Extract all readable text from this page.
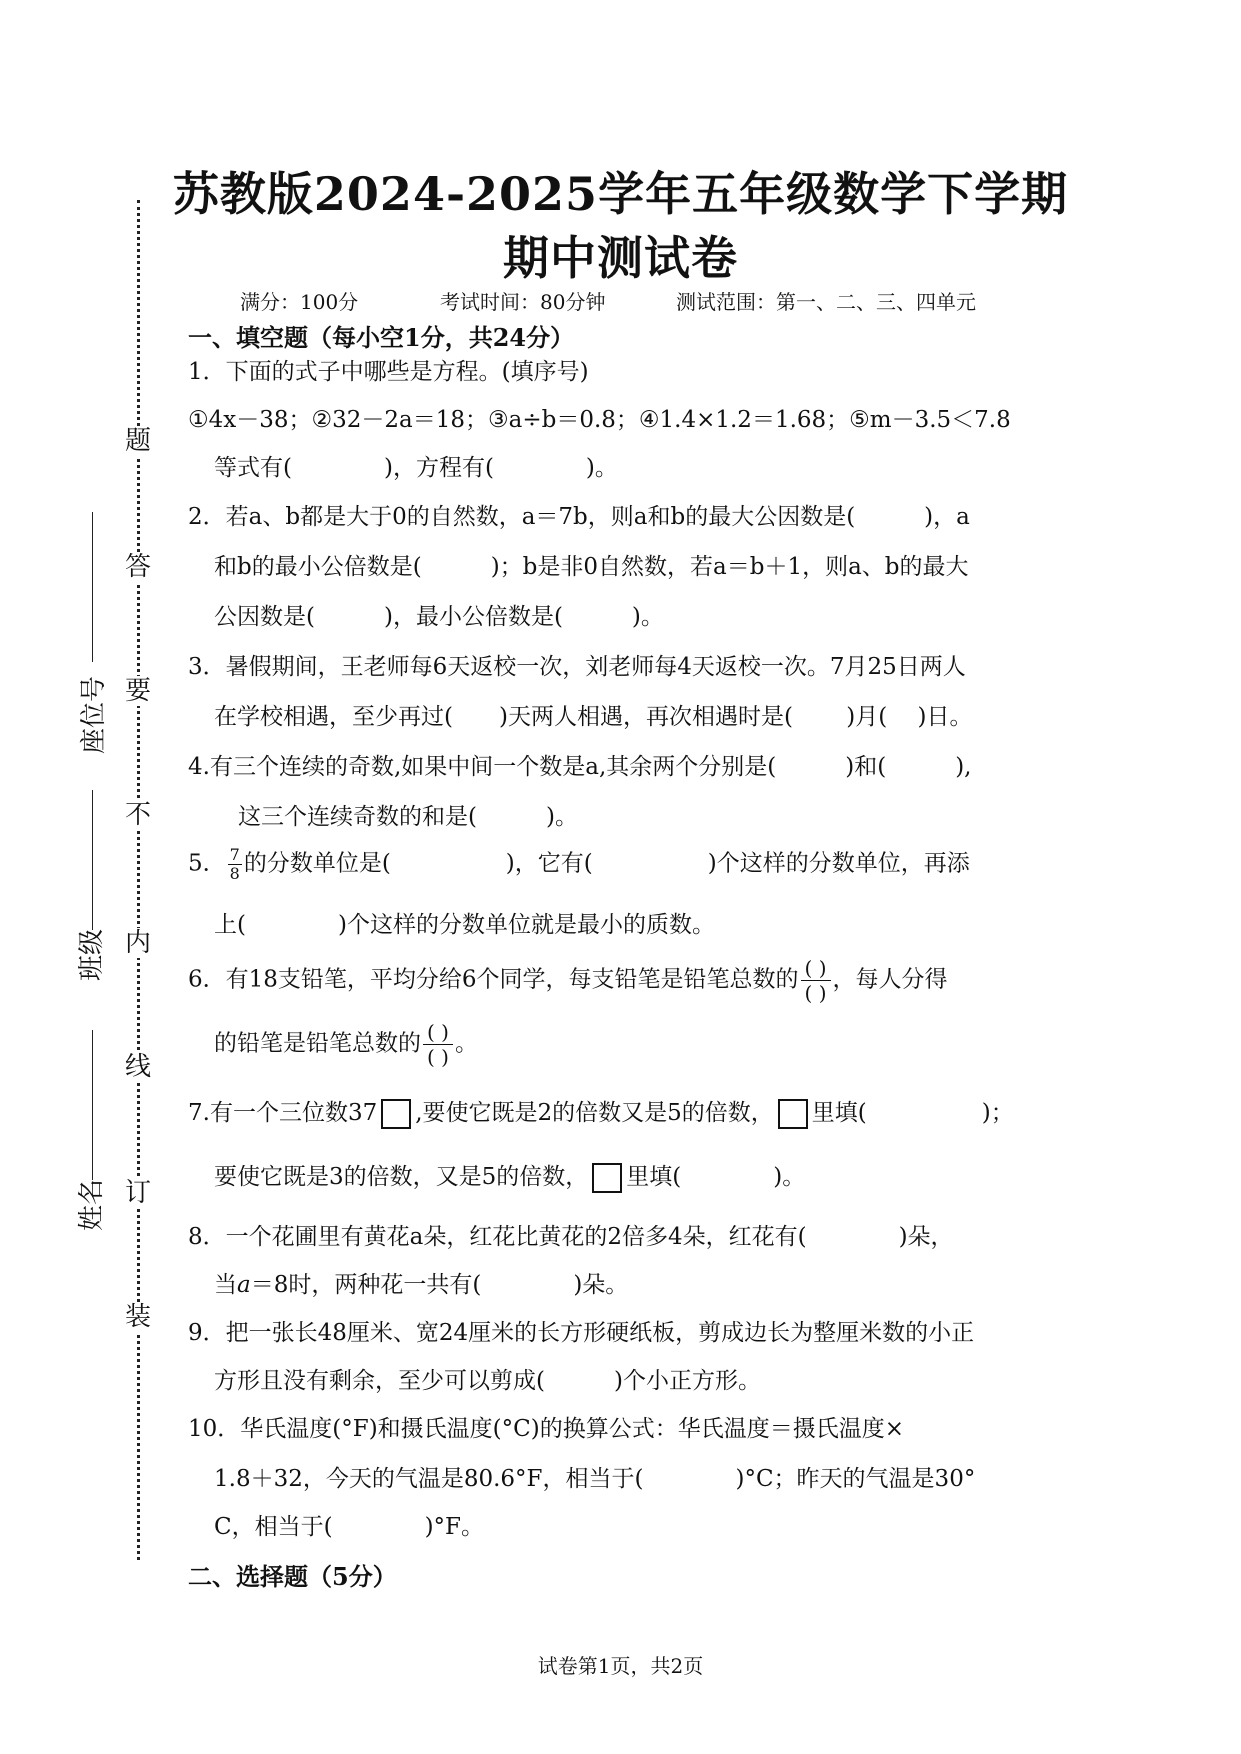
题
答
要
不
内
线
订
装
座位号
班级
姓名
苏教版2024-2025学年五年级数学下学期
期中测试卷
满分：100分	考试时间：80分钟	测试范围：第一、二、三、四单元
一、填空题（每小空1分，共24分）
1．下面的式子中哪些是方程。(填序号)
①4x－38；②32－2a＝18；③a÷b＝0.8；④1.4×1.2＝1.68；⑤m－3.5＜7.8
等式有(　　　　)，方程有(　　　　)。
2．若a、b都是大于0的自然数，a＝7b，则a和b的最大公因数是(　　　)，a
和b的最小公倍数是(　　　)；b是非0自然数，若a＝b＋1，则a、b的最大
公因数是(　　　)，最小公倍数是(　　　)。
3．暑假期间，王老师每6天返校一次，刘老师每4天返校一次。7月25日两人
在学校相遇，至少再过(　　)天两人相遇，再次相遇时是(　　 )月(　 )日。
4.有三个连续的奇数,如果中间一个数是a,其余两个分别是(　　　)和(　　　),
这三个连续奇数的和是(　　　)。
5． $\frac{7}{8}$ 的分数单位是(　　　　　)，它有(　　　　　)个这样的分数单位，再添
上(　　　　)个这样的分数单位就是最小的质数。
6．有18支铅笔，平均分给6个同学，每支铅笔是铅笔总数的 $\frac{( )}{( )}$ ，每人分得
的铅笔是铅笔总数的 $\frac{( )}{( )}$ 。
7.有一个三位数37 ,要使它既是2的倍数又是5的倍数， 里填(　　　　　)；
要使它既是3的倍数，又是5的倍数， 里填(　　　　)。
8．一个花圃里有黄花a朵，红花比黄花的2倍多4朵，红花有(　　　　)朵，
当a＝8时，两种花一共有(　　　　)朵。
9．把一张长48厘米、宽24厘米的长方形硬纸板，剪成边长为整厘米数的小正
方形且没有剩余，至少可以剪成(　　　)个小正方形。
10．华氏温度(°F)和摄氏温度(°C)的换算公式：华氏温度＝摄氏温度×
1.8＋32，今天的气温是80.6°F，相当于(　　　　)°C；昨天的气温是30°
C，相当于(　　　　)°F。
二、选择题（5分）
试卷第1页，共2页
